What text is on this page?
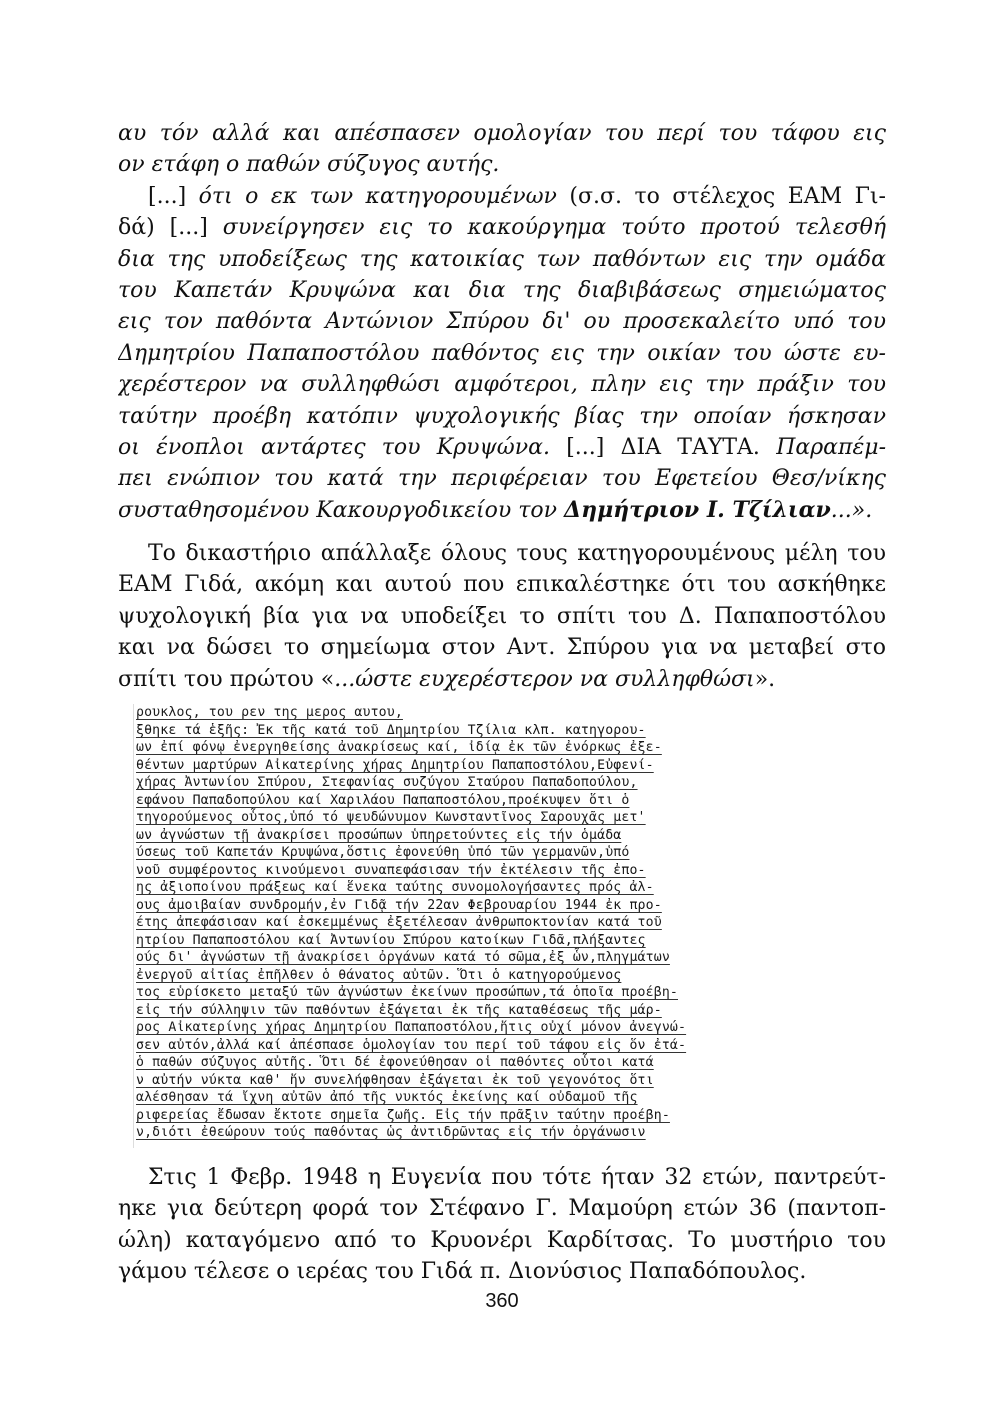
αυ τόν αλλά και απέσπασεν ομολογίαν του περί του τάφου εις
ον ετάφη ο παθών σύζυγος αυτής.
[...] ότι ο εκ των κατηγορουμένων (σ.σ. το στέλεχος ΕΑΜ Γι-
δά) [...] συνείργησεν εις το κακούργημα τούτο προτού τελεσθή
δια της υποδείξεως της κατοικίας των παθόντων εις την ομάδα
του Καπετάν Κρυψώνα και δια της διαβιβάσεως σημειώματος
εις τον παθόντα Αντώνιον Σπύρου δι' ου προσεκαλείτο υπό του
Δημητρίου Παπαποστόλου παθόντος εις την οικίαν του ώστε ευ-
χερέστερον να συλληφθώσι αμφότεροι, πλην εις την πράξιν του
ταύτην προέβη κατόπιν ψυχολογικής βίας την οποίαν ήσκησαν
οι ένοπλοι αντάρτες του Κρυψώνα. [...] ΔΙΑ ΤΑΥΤΑ. Παραπέμ-
πει ενώπιον του κατά την περιφέρειαν του Εφετείου Θεσ/νίκης
συσταθησομένου Κακουργοδικείου τον Δημήτριον Ι. Τζίλιαν...».
Το δικαστήριο απάλλαξε όλους τους κατηγορουμένους μέλη του
ΕΑΜ Γιδά, ακόμη και αυτού που επικαλέστηκε ότι του ασκήθηκε
ψυχολογική βία για να υποδείξει το σπίτι του Δ. Παπαποστόλου
και να δώσει το σημείωμα στον Αντ. Σπύρου για να μεταβεί στο
σπίτι του πρώτου «...ώστε ευχερέστερον να συλληφθώσι».
ρουκλος, του ρεν της μερος αυτου,
ξθηκε τά ἑξῆς: Ἐκ τῆς κατά τοῦ Δημητρίου Τζίλια κλπ. κατηγορου-
ων ἐπί φόνῳ ἐνεργηθείσης ἀνακρίσεως καί, ἰδίᾳ ἐκ τῶν ἐνόρκως ἐξε-
θέντων μαρτύρων Αἰκατερίνης χήρας Δημητρίου Παπαποστόλου,Εὐφενί-
χήρας Ἀντωνίου Σπύρου, Στεφανίας συζύγου Σταύρου Παπαδοπούλου,
εφάνου Παπαδοπούλου καί Χαριλάου Παπαποστόλου,προέκυψεν ὅτι ὁ
τηγορούμενος οὗτος,ὑπό τό ψευδώνυμον Κωνσταντῖνος Σαρουχᾶς μετ'
ων ἀγνώστων τῇ ἀνακρίσει προσώπων ὑπηρετούντες εἰς τήν ὁμάδα
ύσεως τοῦ Καπετάν Κρυψώνα,ὅστις ἐφονεύθη ὑπό τῶν γερμανῶν,ὑπό
νοῦ συμφέροντος κινούμενοι συναπεφάσισαν τήν ἐκτέλεσιν τῆς ἐπο-
ης ἀξιοποίνου πράξεως καί ἕνεκα ταύτης συνομολογήσαντες πρός ἀλ-
ους ἀμοιβαίαν συνδρομήν,ἐν Γιδᾷ τήν 22αν Φεβρουαρίου 1944 ἐκ προ-
έτης ἀπεφάσισαν καί ἐσκεμμένως ἐξετέλεσαν ἀνθρωποκτονίαν κατά τοῦ
ητρίου Παπαποστόλου καί Ἀντωνίου Σπύρου κατοίκων Γιδᾶ,πλήξαντες
ούς δι' ἀγνώστων τῇ ἀνακρίσει ὀργάνων κατά τό σῶμα,ἐξ ὧν,πληγμάτων
ἐνεργοῦ αἰτίας ἐπῆλθεν ὁ θάνατος αὐτῶν. Ὅτι ὁ κατηγορούμενος
τος εὑρίσκετο μεταξύ τῶν ἀγνώστων ἐκείνων προσώπων,τά ὁποῖα προέβη-
εἰς τήν σύλληψιν τῶν παθόντων ἐξάγεται ἐκ τῆς καταθέσεως τῆς μάρ-
ρος Αἰκατερίνης χήρας Δημητρίου Παπαποστόλου,ἥτις οὐχί μόνον ἀνεγνώ-
σεν αὐτόν,ἀλλά καί ἀπέσπασε ὁμολογίαν του περί τοῦ τάφου εἰς ὅν ἐτά-
ὁ παθών σύζυγος αὐτῆς. Ὅτι δέ ἐφονεύθησαν οἱ παθόντες οὗτοι κατά
ν αὐτήν νύκτα καθ' ἥν συνελήφθησαν ἐξάγεται ἐκ τοῦ γεγονότος ὅτι
αλέσθησαν τά ἴχνη αὐτῶν ἀπό τῆς νυκτός ἐκείνης καί οὐδαμοῦ τῆς
ριφερείας ἔδωσαν ἔκτοτε σημεῖα ζωῆς. Εἰς τήν πρᾶξιν ταύτην προέβη-
ν,διότι ἐθεώρουν τούς παθόντας ὡς ἀντιδρῶντας εἰς τήν ὀργάνωσιν
Στις 1 Φεβρ. 1948 η Ευγενία που τότε ήταν 32 ετών, παντρεύτ-
ηκε για δεύτερη φορά τον Στέφανο Γ. Μαμούρη ετών 36 (παντοπ-
ώλη) καταγόμενο από το Κρυονέρι Καρδίτσας. Το μυστήριο του
γάμου τέλεσε ο ιερέας του Γιδά π. Διονύσιος Παπαδόπουλος.
360
